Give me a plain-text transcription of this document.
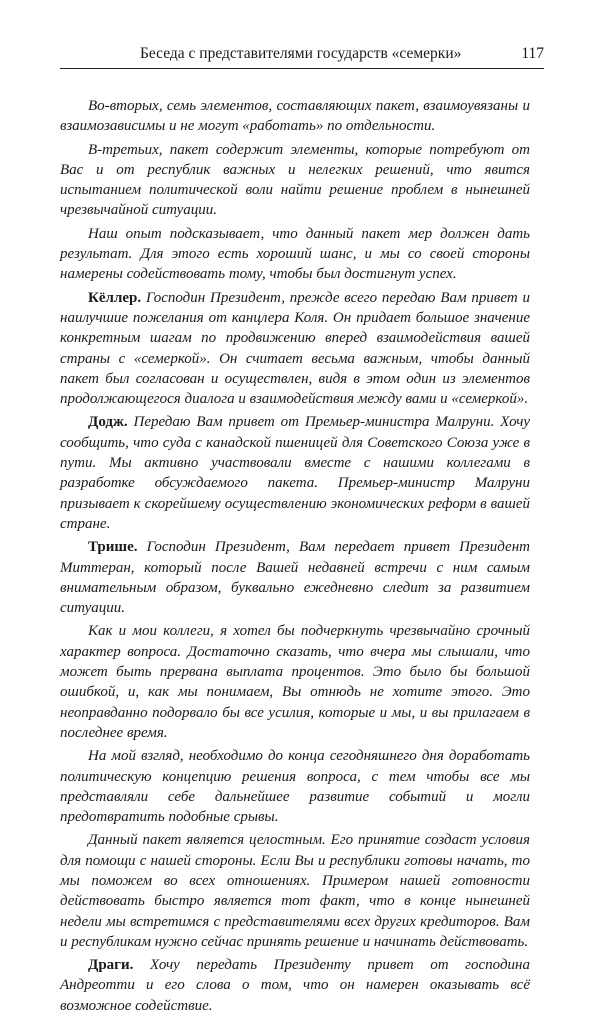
Беседа с представителями государств «семерки»	117

Во-вторых, семь элементов, составляющих пакет, взаимоувязаны и взаимозависимы и не могут «работать» по отдельности.

В-третьих, пакет содержит элементы, которые потребуют от Вас и от республик важных и нелегких решений, что явится испытанием политической воли найти решение проблем в нынешней чрезвычайной ситуации.

Наш опыт подсказывает, что данный пакет мер должен дать результат. Для этого есть хороший шанс, и мы со своей стороны намерены содействовать тому, чтобы был достигнут успех.

Кёллер. Господин Президент, прежде всего передаю Вам привет и наилучшие пожелания от канцлера Коля. Он придает большое значение конкретным шагам по продвижению вперед взаимодействия вашей страны с «семеркой». Он считает весьма важным, чтобы данный пакет был согласован и осуществлен, видя в этом один из элементов продолжающегося диалога и взаимодействия между вами и «семеркой».

Додж. Передаю Вам привет от Премьер-министра Малруни. Хочу сообщить, что суда с канадской пшеницей для Советского Союза уже в пути. Мы активно участвовали вместе с нашими коллегами в разработке обсуждаемого пакета. Премьер-министр Малруни призывает к скорейшему осуществлению экономических реформ в вашей стране.

Трише. Господин Президент, Вам передает привет Президент Миттеран, который после Вашей недавней встречи с ним самым внимательным образом, буквально ежедневно следит за развитием ситуации.

Как и мои коллеги, я хотел бы подчеркнуть чрезвычайно срочный характер вопроса. Достаточно сказать, что вчера мы слышали, что может быть прервана выплата процентов. Это было бы большой ошибкой, и, как мы понимаем, Вы отнюдь не хотите этого. Это неоправданно подорвало бы все усилия, которые и мы, и вы прилагаем в последнее время.

На мой взгляд, необходимо до конца сегодняшнего дня доработать политическую концепцию решения вопроса, с тем чтобы все мы представляли себе дальнейшее развитие событий и могли предотвратить подобные срывы.

Данный пакет является целостным. Его принятие создаст условия для помощи с нашей стороны. Если Вы и республики готовы начать, то мы поможем во всех отношениях. Примером нашей готовности действовать быстро является тот факт, что в конце нынешней недели мы встретимся с представителями всех других кредиторов. Вам и республикам нужно сейчас принять решение и начинать действовать.

Драги. Хочу передать Президенту привет от господина Андреотти и его слова о том, что он намерен оказывать всё возможное содействие.
